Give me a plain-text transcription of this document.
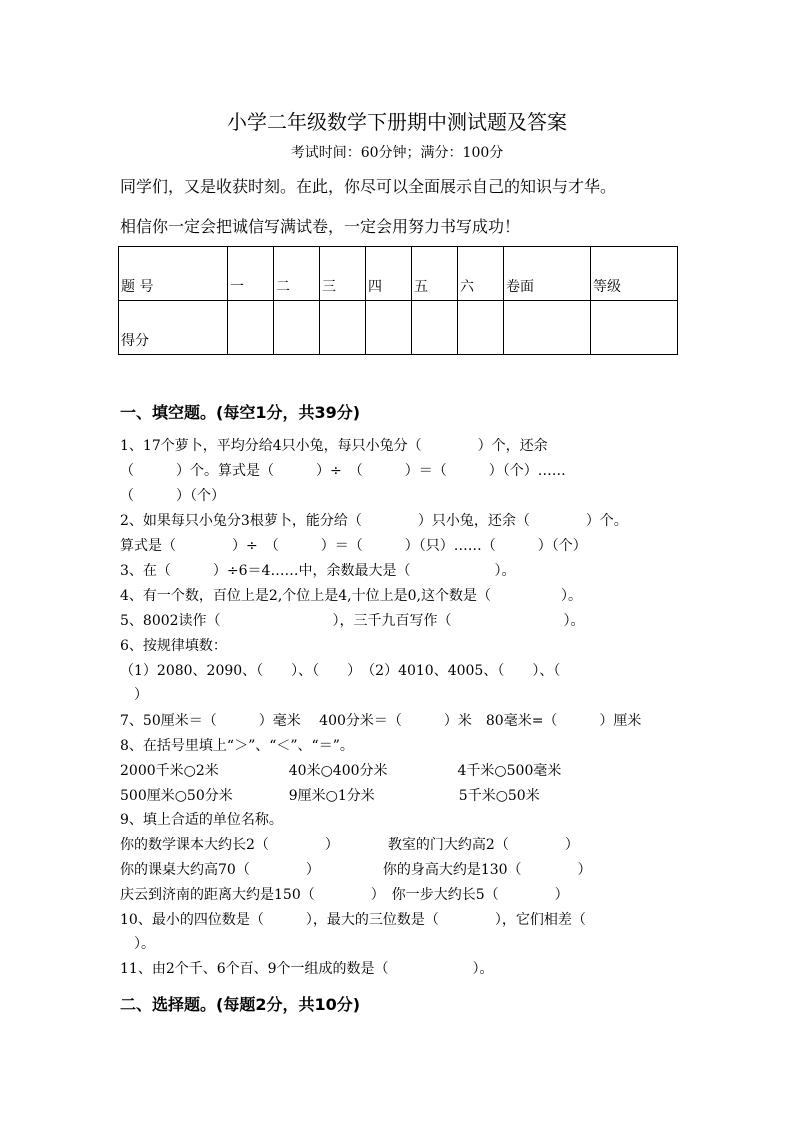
小学二年级数学下册期中测试题及答案
考试时间：60分钟；满分：100分
同学们，又是收获时刻。在此，你尽可以全面展示自己的知识与才华。
相信你一定会把诚信写满试卷，一定会用努力书写成功！
题 号	一	二	三	四	五	六	卷面	等级
得分								
一、填空题。(每空1分，共39分)
1、17个萝卜，平均分给4只小兔，每只小兔分（　　　　）个，还余
（　　　）个。算式是（　　　）÷　（　　　）＝（　　　）（个）……
（　　　）（个）
2、如果每只小兔分3根萝卜，能分给（　　　　）只小兔，还余（　　　　）个。
算式是（　　　　）÷　（　　　）＝（　　　）（只）……（　　　）（个）
3、在（　　　）÷6＝4……中，余数最大是（　　　　　　）。
4、有一个数，百位上是2,个位上是4,十位上是0,这个数是（　　　　　）。
5、8002读作（　　　　　　　　），三千九百写作（　　　　　　　　）。
6、按规律填数：
（1）2080、2090、（　　）、（　　）　（2）4010、4005、（　　）、（
　）
7、50厘米＝（　　　）毫米　 400分米＝（　　　）米　80毫米=（　　　）厘米
8、在括号里填上“＞”、“＜”、“＝”。
2000千米○2米　　　　　40米○400分米　　　　　4千米○500毫米
500厘米○50分米　　　　9厘米○1分米　　　　　　5千米○50米
9、填上合适的单位名称。
你的数学课本大约长2（　　　　）　　　　教室的门大约高2（　　　　）
你的课桌大约高70（　　　　）　　　　　你的身高大约是130（　　　　）
庆云到济南的距离大约是150（　　　　）　你一步大约长5（　　　　）
10、最小的四位数是（　　　），最大的三位数是（　　　　），它们相差（
　）。
11、由2个千、6个百、9个一组成的数是（　　　　　　）。
二、选择题。(每题2分，共10分)
